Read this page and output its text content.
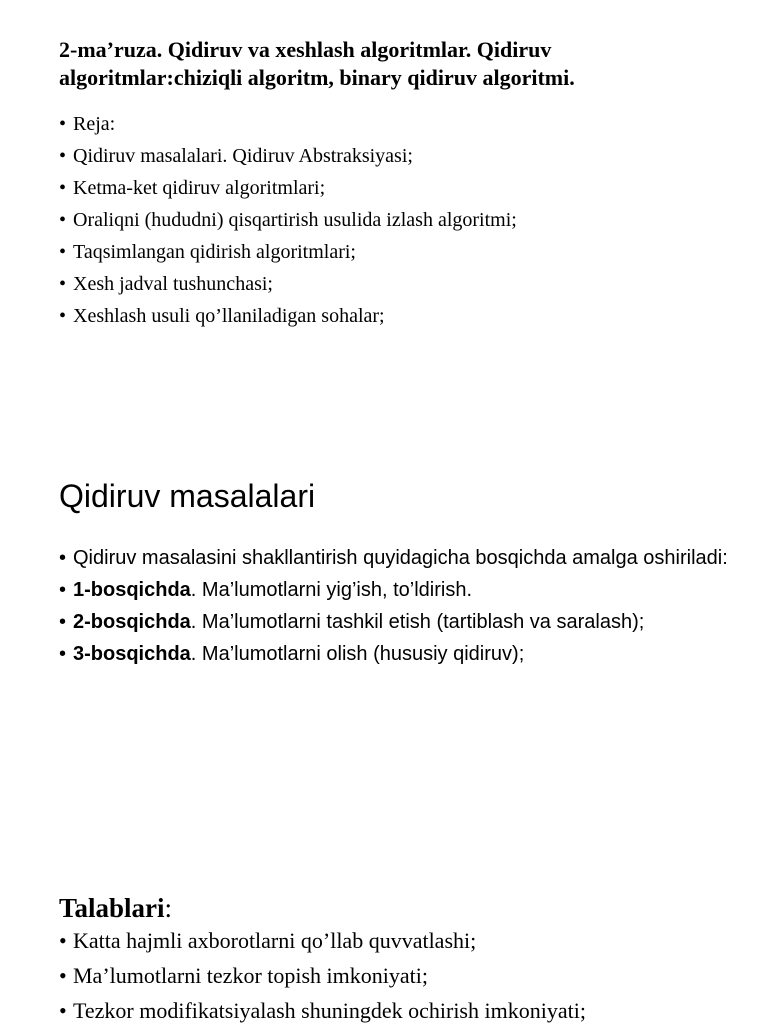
2-ma’ruza. Qidiruv va xeshlash algoritmlar. Qidiruv algoritmlar:chiziqli algoritm, binary qidiruv algoritmi.
• Reja:
• Qidiruv masalalari. Qidiruv Abstraksiyasi;
• Ketma-ket qidiruv algoritmlari;
• Oraliqni (hududni) qisqartirish usulida izlash algoritmi;
• Taqsimlangan qidirish algoritmlari;
• Xesh jadval tushunchasi;
• Xeshlash usuli qo’llaniladigan sohalar;
Qidiruv masalalari
• Qidiruv masalasini shakllantirish quyidagicha bosqichda amalga oshiriladi:
• 1-bosqichda. Ma’lumotlarni yig’ish, to’ldirish.
• 2-bosqichda. Ma’lumotlarni tashkil etish (tartiblash va saralash);
• 3-bosqichda. Ma’lumotlarni olish (hususiy qidiruv);
Talablari:
• Katta hajmli axborotlarni qo’llab quvvatlashi;
• Ma’lumotlarni tezkor topish imkoniyati;
• Tezkor modifikatsiyalash shuningdek ochirish imkoniyati;
